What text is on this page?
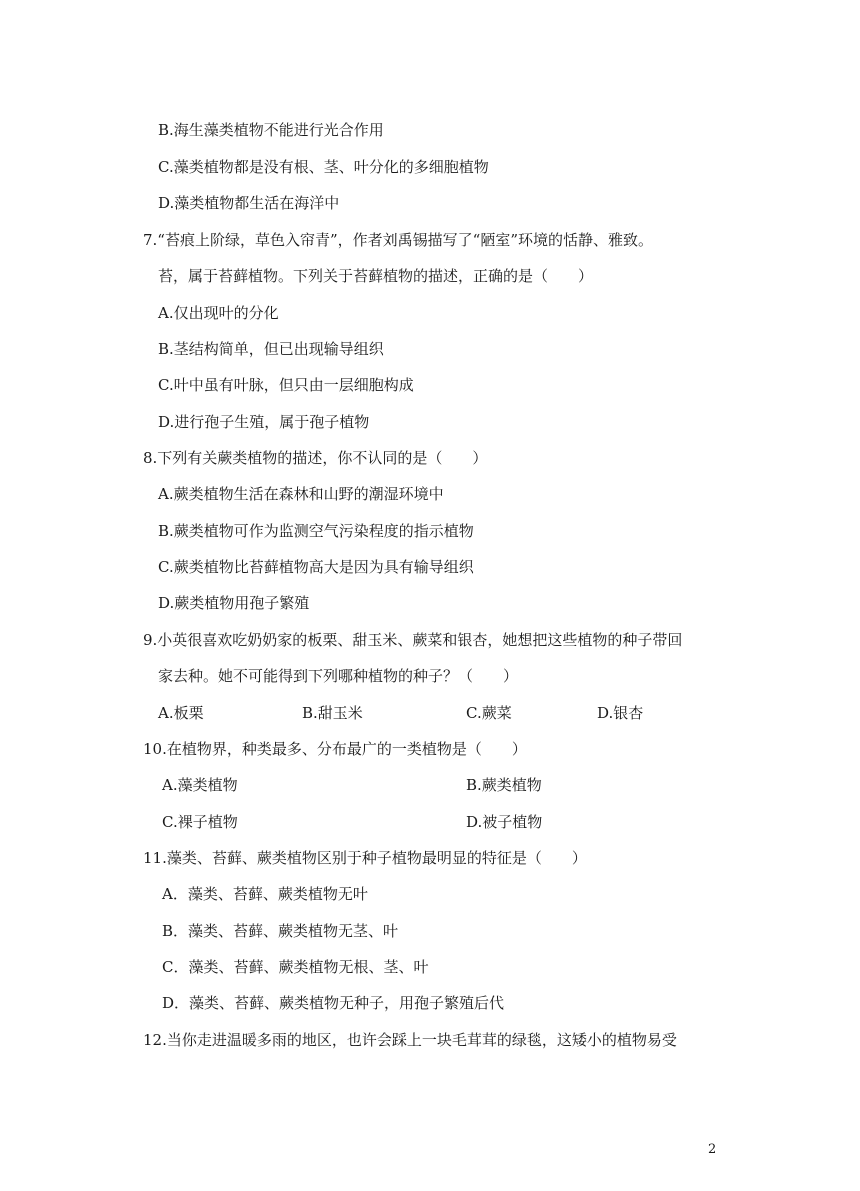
B.海生藻类植物不能进行光合作用
C.藻类植物都是没有根、茎、叶分化的多细胞植物
D.藻类植物都生活在海洋中
7.“苔痕上阶绿，草色入帘青”，作者刘禹锡描写了“陋室”环境的恬静、雅致。
苔，属于苔藓植物。下列关于苔藓植物的描述，正确的是（　　）
A.仅出现叶的分化
B.茎结构简单，但已出现输导组织
C.叶中虽有叶脉，但只由一层细胞构成
D.进行孢子生殖，属于孢子植物
8.下列有关蕨类植物的描述，你不认同的是（　　）
A.蕨类植物生活在森林和山野的潮湿环境中
B.蕨类植物可作为监测空气污染程度的指示植物
C.蕨类植物比苔藓植物高大是因为具有输导组织
D.蕨类植物用孢子繁殖
9.小英很喜欢吃奶奶家的板栗、甜玉米、蕨菜和银杏，她想把这些植物的种子带回
家去种。她不可能得到下列哪种植物的种子？（　　）
A.板栗	B.甜玉米	C.蕨菜	D.银杏
10.在植物界，种类最多、分布最广的一类植物是（　　）
A.藻类植物	B.蕨类植物
C.裸子植物	D.被子植物
11.藻类、苔藓、蕨类植物区别于种子植物最明显的特征是（　　）
A．藻类、苔藓、蕨类植物无叶
B．藻类、苔藓、蕨类植物无茎、叶
C．藻类、苔藓、蕨类植物无根、茎、叶
D．藻类、苔藓、蕨类植物无种子，用孢子繁殖后代
12.当你走进温暖多雨的地区，也许会踩上一块毛茸茸的绿毯，这矮小的植物易受
2
